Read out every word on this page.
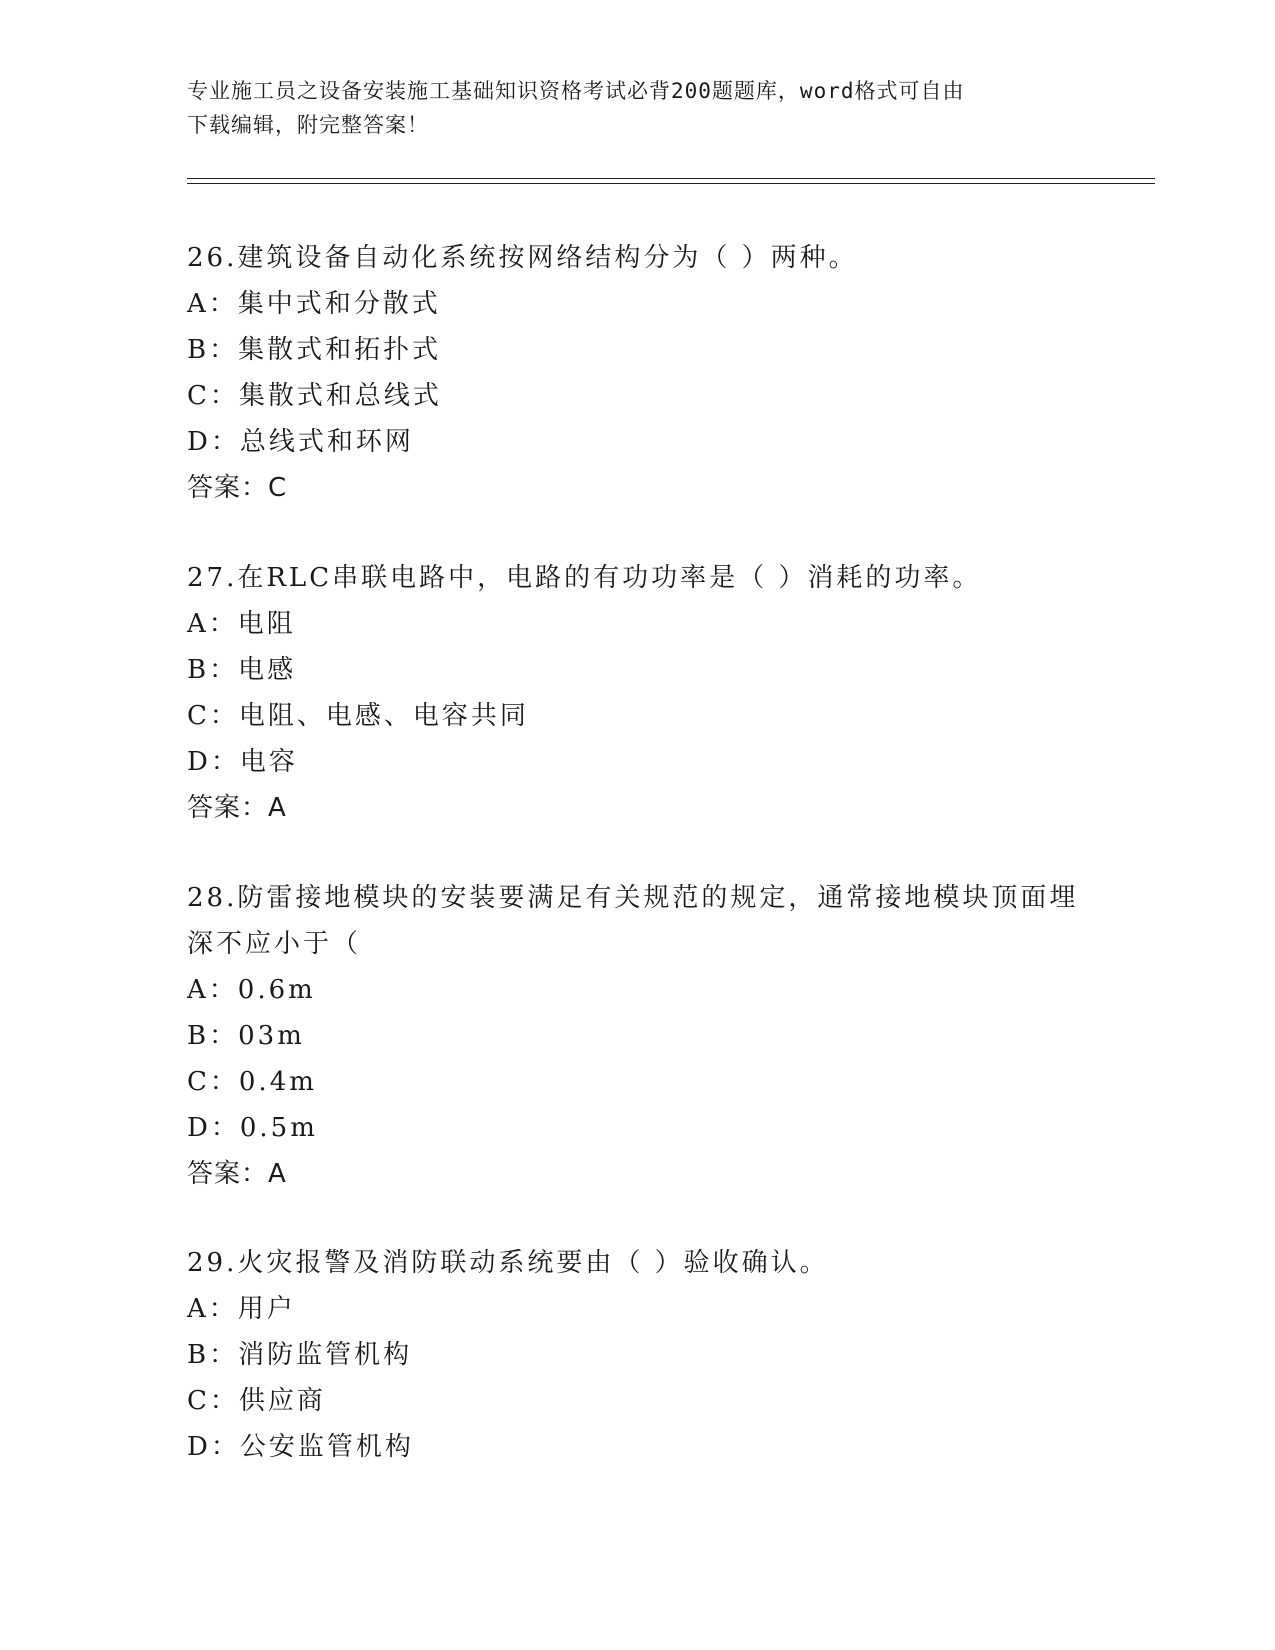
专业施工员之设备安装施工基础知识资格考试必背200题题库，word格式可自由
下载编辑，附完整答案！
26.建筑设备自动化系统按网络结构分为（ ）两种。
A：集中式和分散式
B：集散式和拓扑式
C：集散式和总线式
D：总线式和环网
答案：C
27.在RLC串联电路中，电路的有功功率是（ ）消耗的功率。
A：电阻
B：电感
C：电阻、电感、电容共同
D：电容
答案：A
28.防雷接地模块的安装要满足有关规范的规定，通常接地模块顶面埋
深不应小于（
A：0.6m
B：03m
C：0.4m
D：0.5m
答案：A
29.火灾报警及消防联动系统要由（ ）验收确认。
A：用户
B：消防监管机构
C：供应商
D：公安监管机构
